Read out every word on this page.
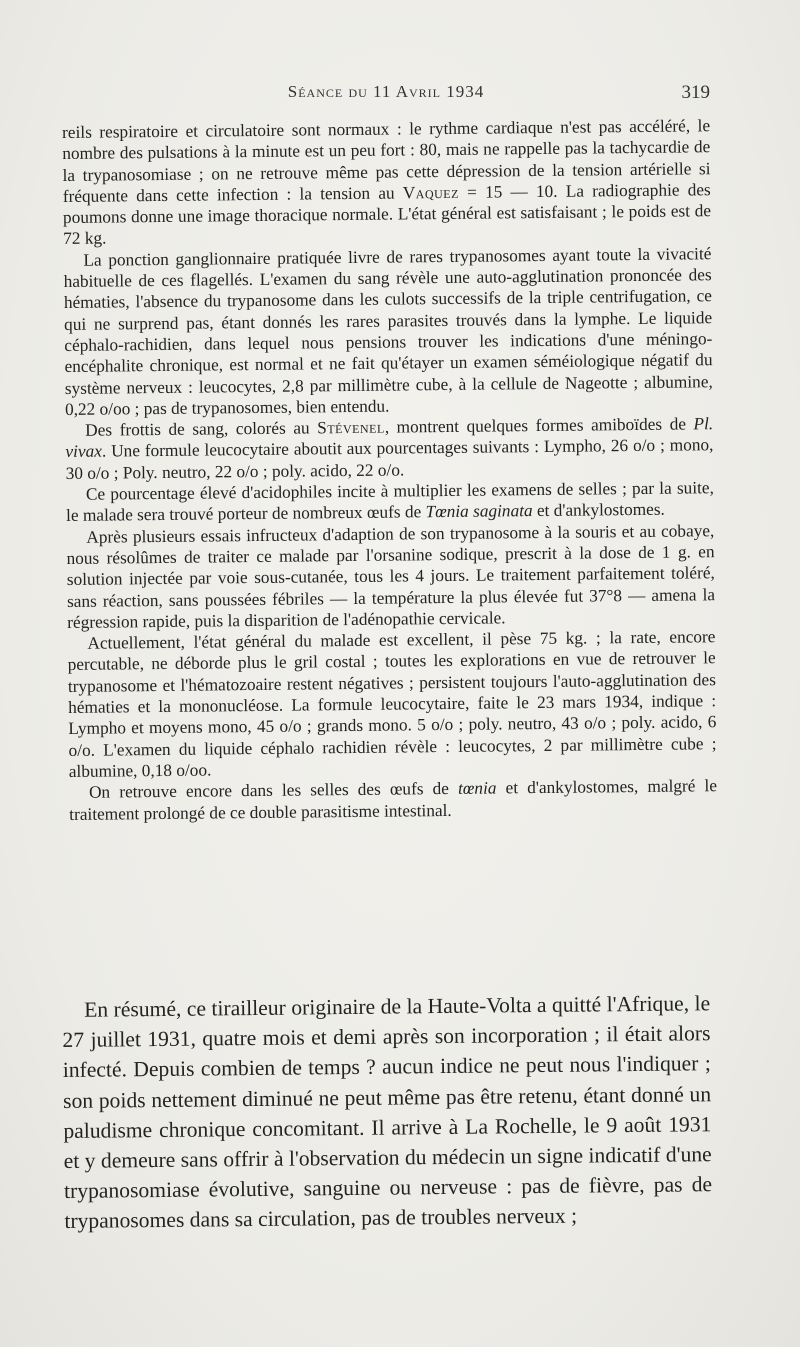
Séance du 11 Avril 1934	319

reils respiratoire et circulatoire sont normaux : le rythme cardiaque n'est pas accéléré, le nombre des pulsations à la minute est un peu fort : 80, mais ne rappelle pas la tachycardie de la trypanosomiase ; on ne retrouve même pas cette dépression de la tension artérielle si fréquente dans cette infection : la tension au Vaquez = 15 — 10. La radiographie des poumons donne une image thoracique normale. L'état général est satisfaisant ; le poids est de 72 kg.

La ponction ganglionnaire pratiquée livre de rares trypanosomes ayant toute la vivacité habituelle de ces flagellés. L'examen du sang révèle une auto-agglutination prononcée des hématies, l'absence du trypanosome dans les culots successifs de la triple centrifugation, ce qui ne surprend pas, étant donnés les rares parasites trouvés dans la lymphe. Le liquide céphalo-rachidien, dans lequel nous pensions trouver les indications d'une méningo-encéphalite chronique, est normal et ne fait qu'étayer un examen séméiologique négatif du système nerveux : leucocytes, 2,8 par millimètre cube, à la cellule de Nageotte ; albumine, 0,22 o/oo ; pas de trypanosomes, bien entendu.

Des frottis de sang, colorés au Stévenel, montrent quelques formes amiboïdes de Pl. vivax. Une formule leucocytaire aboutit aux pourcentages suivants : Lympho, 26 o/o ; mono, 30 o/o ; Poly. neutro, 22 o/o ; poly. acido, 22 o/o.

Ce pourcentage élevé d'acidophiles incite à multiplier les examens de selles ; par la suite, le malade sera trouvé porteur de nombreux œufs de Tœnia saginata et d'ankylostomes.

Après plusieurs essais infructeux d'adaption de son trypanosome à la souris et au cobaye, nous résolûmes de traiter ce malade par l'orsanine sodique, prescrit à la dose de 1 g. en solution injectée par voie sous-cutanée, tous les 4 jours. Le traitement parfaitement toléré, sans réaction, sans poussées fébriles — la température la plus élevée fut 37°8 — amena la régression rapide, puis la disparition de l'adénopathie cervicale.

Actuellement, l'état général du malade est excellent, il pèse 75 kg. ; la rate, encore percutable, ne déborde plus le gril costal ; toutes les explorations en vue de retrouver le trypanosome et l'hématozoaire restent négatives ; persistent toujours l'auto-agglutination des hématies et la mononucléose. La formule leucocytaire, faite le 23 mars 1934, indique : Lympho et moyens mono, 45 o/o ; grands mono. 5 o/o ; poly. neutro, 43 o/o ; poly. acido, 6 o/o. L'examen du liquide céphalo rachidien révèle : leucocytes, 2 par millimètre cube ; albumine, 0,18 o/oo.

On retrouve encore dans les selles des œufs de tœnia et d'ankylostomes, malgré le traitement prolongé de ce double parasitisme intestinal.

En résumé, ce tirailleur originaire de la Haute-Volta a quitté l'Afrique, le 27 juillet 1931, quatre mois et demi après son incorporation ; il était alors infecté. Depuis combien de temps ? aucun indice ne peut nous l'indiquer ; son poids nettement diminué ne peut même pas être retenu, étant donné un paludisme chronique concomitant. Il arrive à La Rochelle, le 9 août 1931 et y demeure sans offrir à l'observation du médecin un signe indicatif d'une trypanosomiase évolutive, sanguine ou nerveuse : pas de fièvre, pas de trypanosomes dans sa circulation, pas de troubles nerveux ;
